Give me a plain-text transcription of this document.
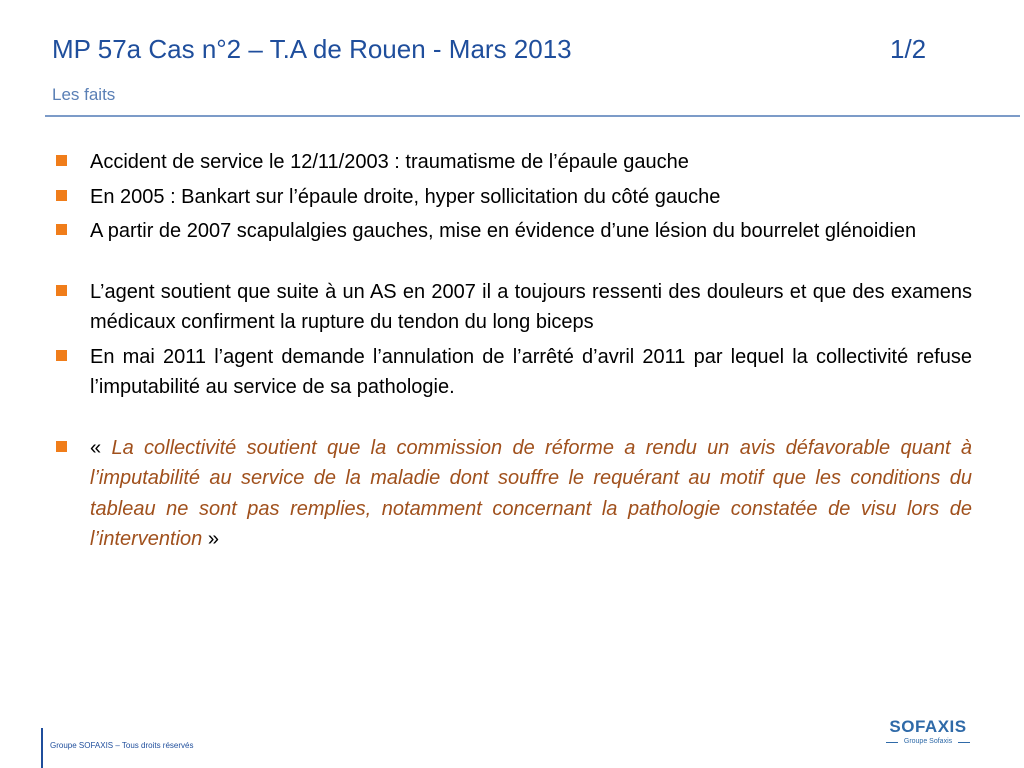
MP 57a Cas n°2 – T.A de Rouen - Mars 2013	1/2
Les faits
Accident de service le 12/11/2003 : traumatisme de l’épaule gauche
En 2005 : Bankart sur l’épaule droite, hyper sollicitation du côté gauche
A partir de 2007 scapulalgies gauches, mise en évidence d’une lésion du bourrelet glénoidien
L’agent soutient que suite à un AS en 2007 il a toujours ressenti des douleurs et que des examens médicaux confirment la rupture du tendon du long biceps
En mai 2011 l’agent demande l’annulation de l’arrêté d’avril 2011 par lequel la collectivité refuse l’imputabilité au service de sa pathologie.
« La collectivité soutient que la commission de réforme a rendu un avis défavorable quant à l’imputabilité au service de la maladie dont souffre le requérant au motif que les conditions du tableau ne sont pas remplies, notamment concernant la pathologie constatée de visu lors de l’intervention »
Groupe SOFAXIS – Tous droits réservés
SOFAXIS
Groupe Sofaxis
